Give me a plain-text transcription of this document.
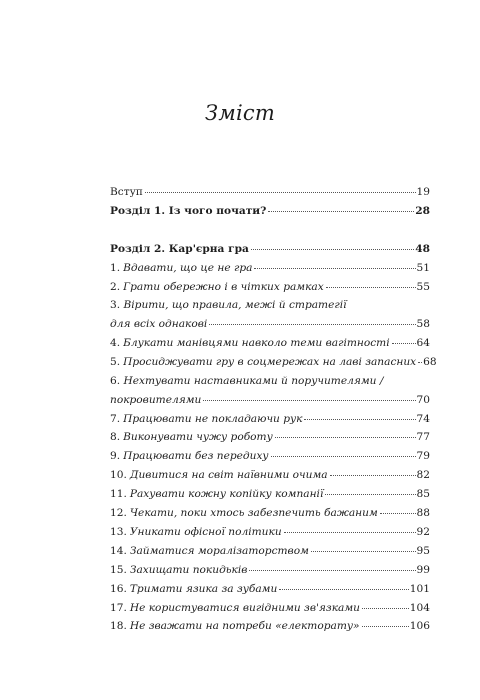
Зміст
Вступ	19
Розділ 1. Із чого почати?	28
Розділ 2. Кар'єрна гра	48
1. Вдавати, що це не гра	51
2. Грати обережно і в чітких рамках	55
3. Вірити, що правила, межі й стратегії
для всіх однакові	58
4. Блукати манівцями навколо теми вагітності	64
5. Просиджувати гру в соцмережах на лаві запасних 68
6. Нехтувати наставниками й поручителями /
покровителями	70
7. Працювати не покладаючи рук	74
8. Виконувати чужу роботу	77
9. Працювати без передиху	79
10. Дивитися на світ наївними очима	82
11. Рахувати кожну копійку компанії	85
12. Чекати, поки хтось забезпечить бажаним	88
13. Уникати офісної політики	92
14. Займатися моралізаторством	95
15. Захищати покидьків	99
16. Тримати язика за зубами	101
17. Не користуватися вигідними зв'язками	104
18. Не зважати на потреби «електорату»	106
